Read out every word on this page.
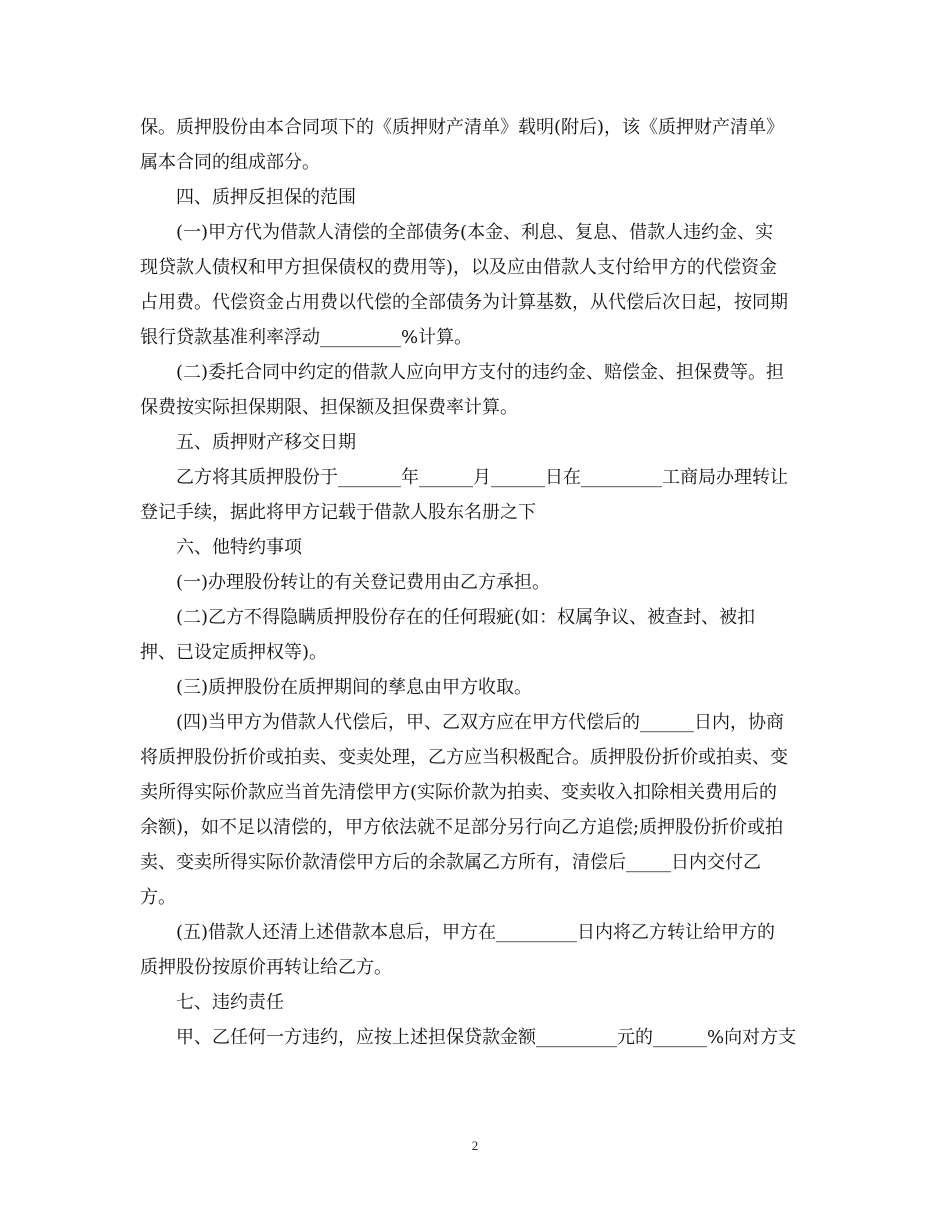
保。质押股份由本合同项下的《质押财产清单》载明(附后)，该《质押财产清单》
属本合同的组成部分。
四、质押反担保的范围
(一)甲方代为借款人清偿的全部债务(本金、利息、复息、借款人违约金、实
现贷款人债权和甲方担保债权的费用等)，以及应由借款人支付给甲方的代偿资金
占用费。代偿资金占用费以代偿的全部债务为计算基数，从代偿后次日起，按同期
银行贷款基准利率浮动_________%计算。
(二)委托合同中约定的借款人应向甲方支付的违约金、赔偿金、担保费等。担
保费按实际担保期限、担保额及担保费率计算。
五、质押财产移交日期
乙方将其质押股份于_______年______月______日在_________工商局办理转让
登记手续，据此将甲方记载于借款人股东名册之下
六、他特约事项
(一)办理股份转让的有关登记费用由乙方承担。
(二)乙方不得隐瞒质押股份存在的任何瑕疵(如：权属争议、被查封、被扣
押、已设定质押权等)。
(三)质押股份在质押期间的孳息由甲方收取。
(四)当甲方为借款人代偿后，甲、乙双方应在甲方代偿后的______日内，协商
将质押股份折价或拍卖、变卖处理，乙方应当积极配合。质押股份折价或拍卖、变
卖所得实际价款应当首先清偿甲方(实际价款为拍卖、变卖收入扣除相关费用后的
余额)，如不足以清偿的，甲方依法就不足部分另行向乙方追偿;质押股份折价或拍
卖、变卖所得实际价款清偿甲方后的余款属乙方所有，清偿后_____日内交付乙
方。
(五)借款人还清上述借款本息后，甲方在_________日内将乙方转让给甲方的
质押股份按原价再转让给乙方。
七、违约责任
甲、乙任何一方违约，应按上述担保贷款金额_________元的______%向对方支
2
